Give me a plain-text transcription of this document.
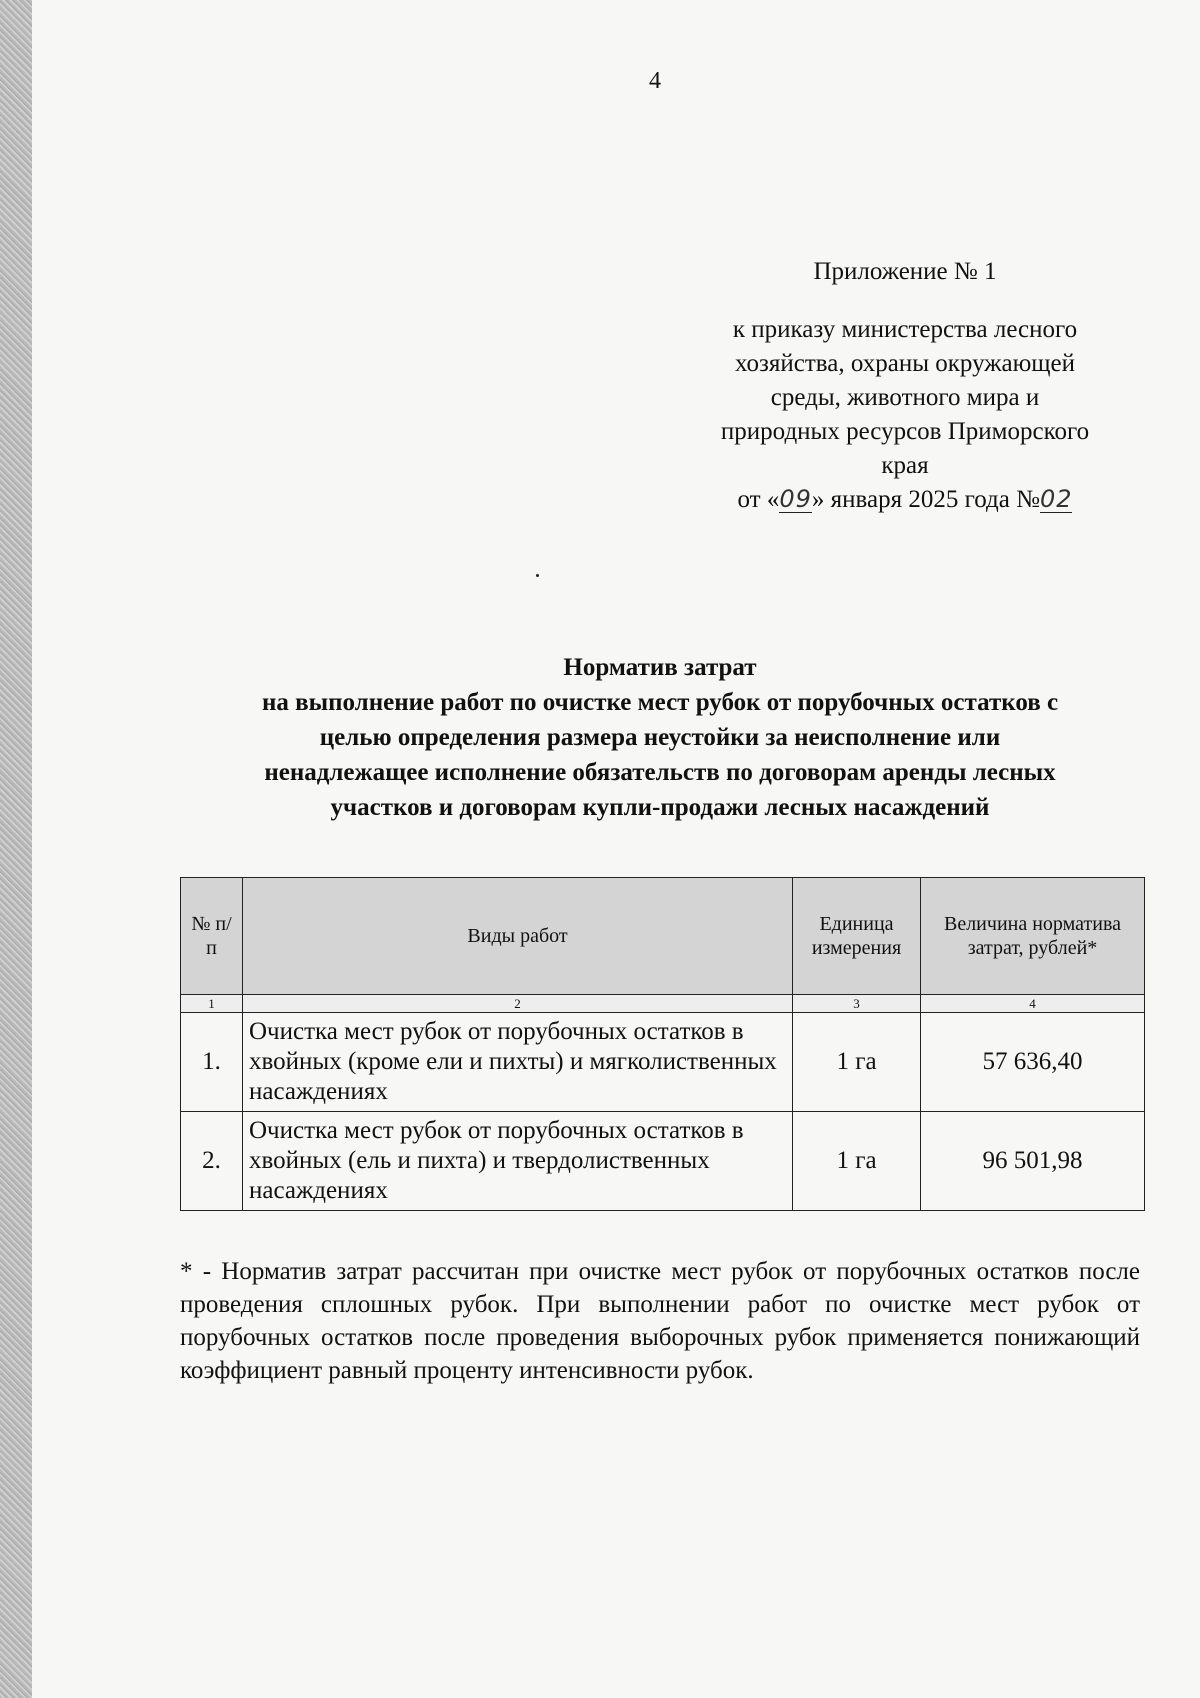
4
Приложение № 1
к приказу министерства лесного
хозяйства, охраны окружающей
среды, животного мира и
природных ресурсов Приморского
края
от «09» января 2025 года №02
Норматив затрат
на выполнение работ по очистке мест рубок от порубочных остатков с
целью определения размера неустойки за неисполнение или
ненадлежащее исполнение обязательств по договорам аренды лесных
участков и договорам купли-продажи лесных насаждений
№ п/п	Виды работ	Единица измерения	Величина норматива затрат, рублей*
1	2	3	4
1.	Очистка мест рубок от порубочных остатков в хвойных (кроме ели и пихты) и мягколиственных насаждениях	1 га	57 636,40
2.	Очистка мест рубок от порубочных остатков в хвойных (ель и пихта) и твердолиственных насаждениях	1 га	96 501,98
* - Норматив затрат рассчитан при очистке мест рубок от порубочных остатков после проведения сплошных рубок. При выполнении работ по очистке мест рубок от порубочных остатков после проведения выборочных рубок применяется понижающий коэффициент равный проценту интенсивности рубок.
